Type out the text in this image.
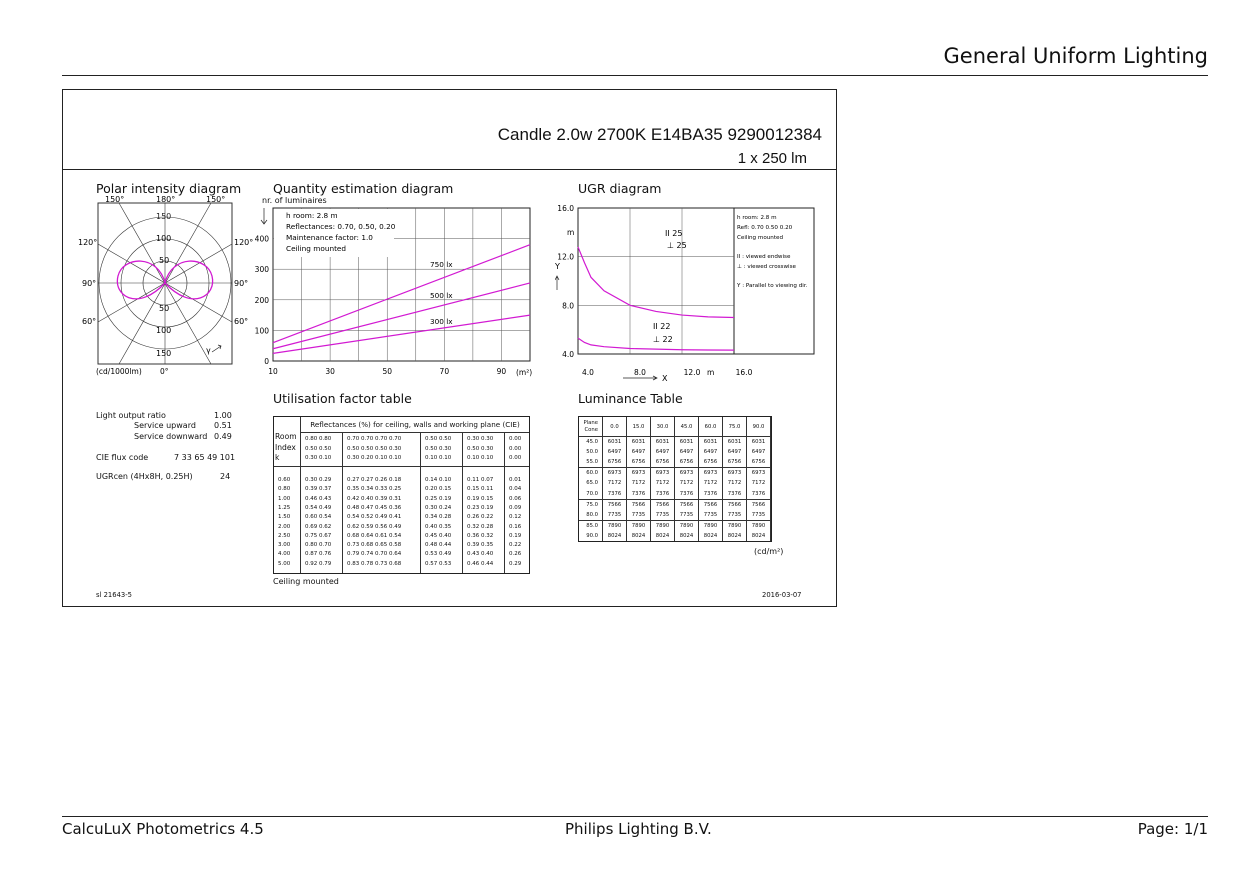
General Uniform Lighting
Candle 2.0w 2700K E14BA35 9290012384
1 x 250 lm
Polar intensity diagram
150°	180°	150°
120°
90°
60°
120°
90°
60°
150
100
50
50
100
150	γ
(cd/1000lm) 0°
Quantity estimation diagram
nr. of luminaires
400
300
200
100
0
10	30	50	70	90
h room: 2.8 m
Reflectances: 0.70, 0.50, 0.20
Maintenance factor: 1.0
Ceiling mounted
750 lx
500 lx
300 lx
(m²)
UGR diagram
16.0
12.0
8.0
4.0
4.0	8.0	12.0	16.0
m
Y
II 25
⊥ 25
II 22
⊥ 22
h room: 2.8 m
Refl: 0.70 0.50 0.20
Ceiling mounted
II : viewed endwise
⊥ : viewed crosswise
Y : Parallel to viewing dir.
m
X
Light output ratio	1.00
Service upward 0.51
Service downward 0.49
CIE flux code	7 33 65 49 101
UGRcen (4Hx8H, 0.25H)	24
Utilisation factor table
Reflectances (%) for ceiling, walls and working plane (CIE)
Room
Index
k
0.80 0.80	0.70 0.70 0.70 0.70	0.50 0.50	0.30 0.30	0.00
0.50 0.50	0.50 0.50 0.50 0.30	0.50 0.30	0.50 0.30	0.00
0.30 0.10	0.30 0.20 0.10 0.10	0.10 0.10	0.10 0.10	0.00
0.60	0.30 0.29	0.27 0.27 0.26 0.18	0.14 0.10	0.11 0.07	0.01
0.80	0.39 0.37	0.35 0.34 0.33 0.25	0.20 0.15	0.15 0.11	0.04
1.00	0.46 0.43	0.42 0.40 0.39 0.31	0.25 0.19	0.19 0.15	0.06
1.25	0.54 0.49	0.48 0.47 0.45 0.36	0.30 0.24	0.23 0.19	0.09
1.50	0.60 0.54	0.54 0.52 0.49 0.41	0.34 0.28	0.26 0.22	0.12
2.00	0.69 0.62	0.62 0.59 0.56 0.49	0.40 0.35	0.32 0.28	0.16
2.50	0.75 0.67	0.68 0.64 0.61 0.54	0.45 0.40	0.36 0.32	0.19
3.00	0.80 0.70	0.73 0.68 0.65 0.58	0.48 0.44	0.39 0.35	0.22
4.00	0.87 0.76	0.79 0.74 0.70 0.64	0.53 0.49	0.43 0.40	0.26
5.00	0.92 0.79	0.83 0.78 0.73 0.68	0.57 0.53	0.46 0.44	0.29
Ceiling mounted
Luminance Table
Plane
Cone	0.0	15.0	30.0	45.0	60.0	75.0	90.0
45.0	6031	6031	6031	6031	6031	6031	6031
50.0	6497	6497	6497	6497	6497	6497	6497
55.0	6756	6756	6756	6756	6756	6756	6756
60.0	6973	6973	6973	6973	6973	6973	6973
65.0	7172	7172	7172	7172	7172	7172	7172
70.0	7376	7376	7376	7376	7376	7376	7376
75.0	7566	7566	7566	7566	7566	7566	7566
80.0	7735	7735	7735	7735	7735	7735	7735
85.0	7890	7890	7890	7890	7890	7890	7890
90.0	8024	8024	8024	8024	8024	8024	8024
(cd/m²)
sl 21643-5	2016-03-07
CalcuLuX Photometrics 4.5	Philips Lighting B.V.	Page: 1/1
